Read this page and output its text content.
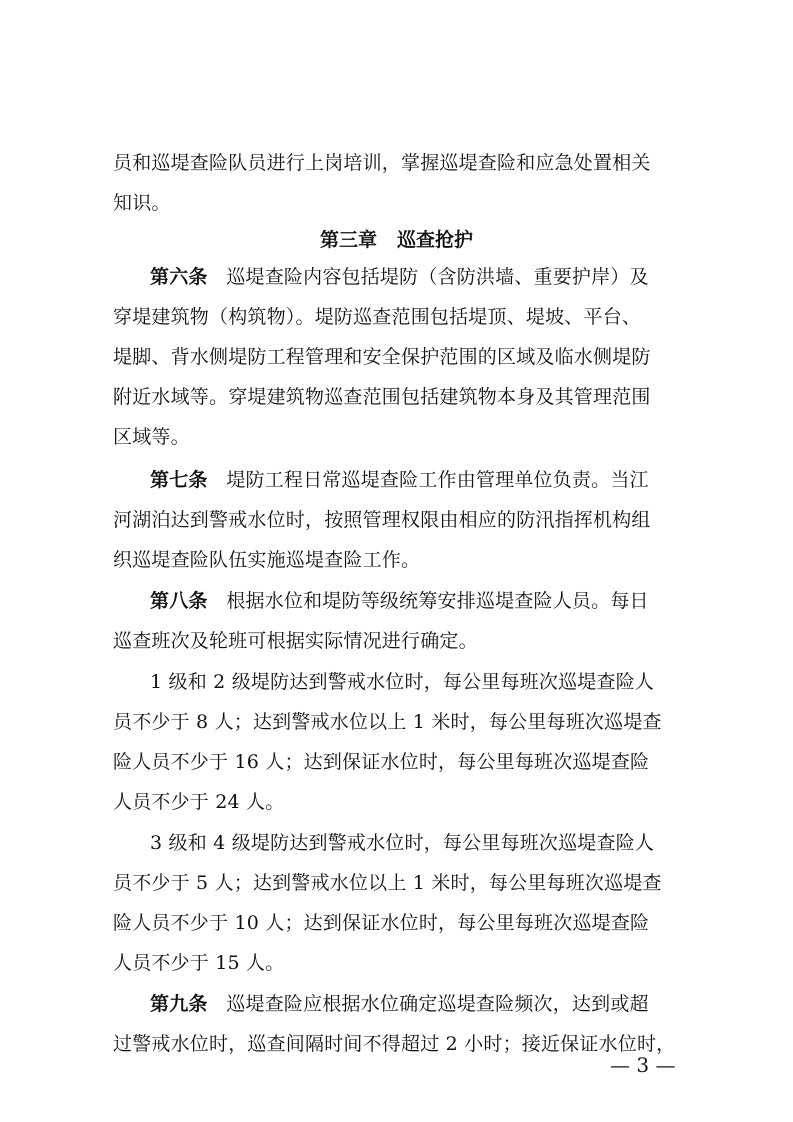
员和巡堤查险队员进行上岗培训，掌握巡堤查险和应急处置相关
知识。
第三章 巡查抢护
第六条 巡堤查险内容包括堤防（含防洪墙、重要护岸）及
穿堤建筑物（构筑物）。堤防巡查范围包括堤顶、堤坡、平台、
堤脚、背水侧堤防工程管理和安全保护范围的区域及临水侧堤防
附近水域等。穿堤建筑物巡查范围包括建筑物本身及其管理范围
区域等。
第七条 堤防工程日常巡堤查险工作由管理单位负责。当江
河湖泊达到警戒水位时，按照管理权限由相应的防汛指挥机构组
织巡堤查险队伍实施巡堤查险工作。
第八条 根据水位和堤防等级统筹安排巡堤查险人员。每日
巡查班次及轮班可根据实际情况进行确定。
1 级和 2 级堤防达到警戒水位时，每公里每班次巡堤查险人
员不少于 8 人；达到警戒水位以上 1 米时，每公里每班次巡堤查
险人员不少于 16 人；达到保证水位时，每公里每班次巡堤查险
人员不少于 24 人。
3 级和 4 级堤防达到警戒水位时，每公里每班次巡堤查险人
员不少于 5 人；达到警戒水位以上 1 米时，每公里每班次巡堤查
险人员不少于 10 人；达到保证水位时，每公里每班次巡堤查险
人员不少于 15 人。
第九条 巡堤查险应根据水位确定巡堤查险频次，达到或超
过警戒水位时，巡查间隔时间不得超过 2 小时；接近保证水位时，
— 3 —
